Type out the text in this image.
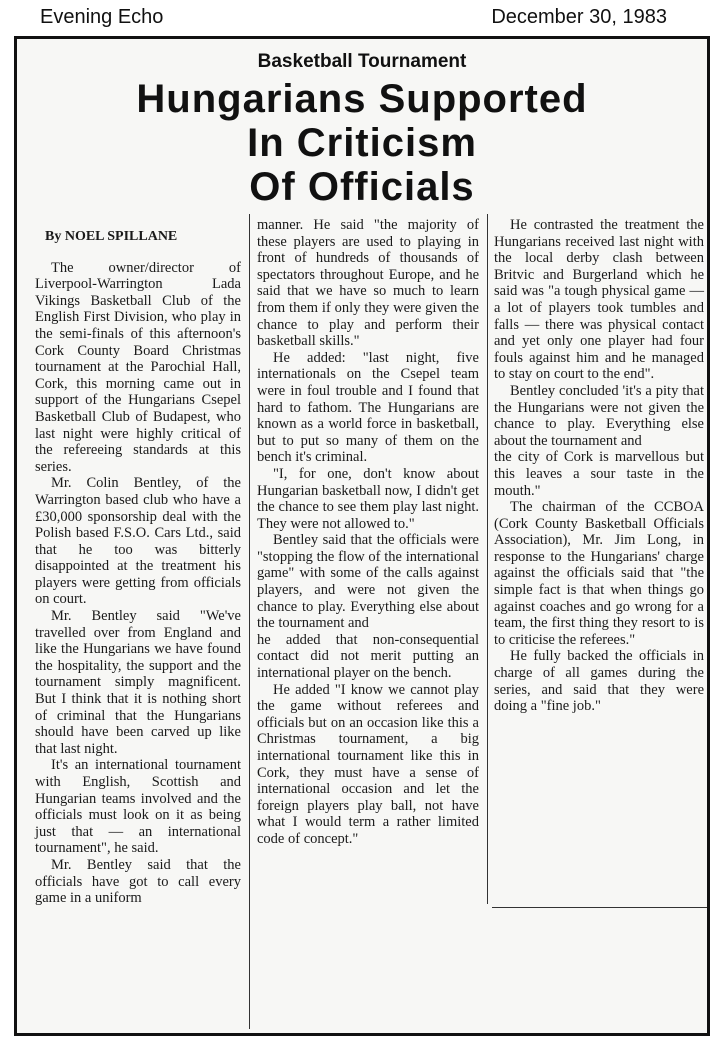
Evening Echo	December 30, 1983
Basketball Tournament
Hungarians Supported
In Criticism
Of Officials

By NOEL SPILLANE

The owner/director of Liverpool-Warrington Lada Vikings Basketball Club of the English First Division, who play in the semi-finals of this afternoon's Cork County Board Christmas tournament at the Parochial Hall, Cork, this morning came out in support of the Hungarians Csepel Basketball Club of Budapest, who last night were highly critical of the refereeing standards at this series.

Mr. Colin Bentley, of the Warrington based club who have a £30,000 sponsorship deal with the Polish based F.S.O. Cars Ltd., said that he too was bitterly disappointed at the treatment his players were getting from officials on court.

Mr. Bentley said "We've travelled over from England and like the Hungarians we have found the hospitality, the support and the tournament simply magnificent. But I think that it is nothing short of criminal that the Hungarians should have been carved up like that last night.

It's an international tournament with English, Scottish and Hungarian teams involved and the officials must look on it as being just that — an international tournament", he said.

Mr. Bentley said that the officials have got to call every game in a uniform

manner. He said "the majority of these players are used to playing in front of hundreds of thousands of spectators throughout Europe, and he said that we have so much to learn from them if only they were given the chance to play and perform their basketball skills."

He added: "last night, five internationals on the Csepel team were in foul trouble and I found that hard to fathom. The Hungarians are known as a world force in basketball, but to put so many of them on the bench it's criminal.

"I, for one, don't know about Hungarian basketball now, I didn't get the chance to see them play last night. They were not allowed to."

Bentley said that the officials were "stopping the flow of the international game" with some of the calls against players, and were not given the chance to play. Everything else about the tournament and

he added that non-consequential contact did not merit putting an international player on the bench.

He added "I know we cannot play the game without referees and officials but on an occasion like this a Christmas tournament, a big international tournament like this in Cork, they must have a sense of international occasion and let the foreign players play ball, not have what I would term a rather limited code of concept."

He contrasted the treatment the Hungarians received last night with the local derby clash between Britvic and Burgerland which he said was "a tough physical game — a lot of players took tumbles and falls — there was physical contact and yet only one player had four fouls against him and he managed to stay on court to the end".

Bentley concluded 'it's a pity that the Hungarians were not given the chance to play. Everything else about the tournament and

the city of Cork is marvellous but this leaves a sour taste in the mouth."

The chairman of the CCBOA (Cork County Basketball Officials Association), Mr. Jim Long, in response to the Hungarians' charge against the officials said that "the simple fact is that when things go against coaches and go wrong for a team, the first thing they resort to is to criticise the referees."

He fully backed the officials in charge of all games during the series, and said that they were doing a "fine job."
